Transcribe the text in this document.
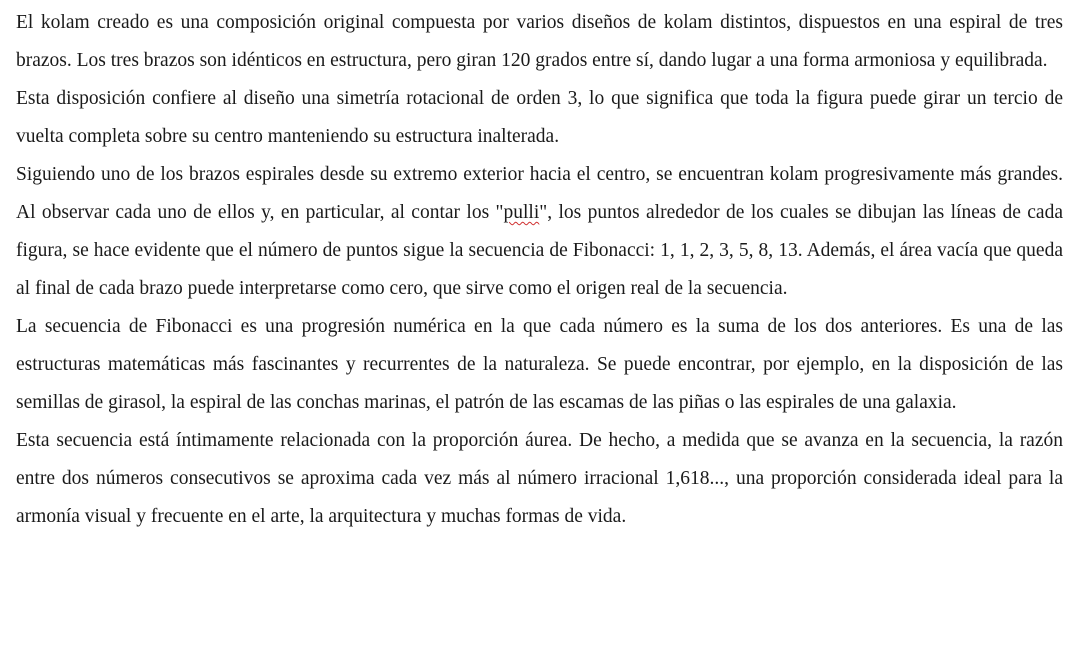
El kolam creado es una composición original compuesta por varios diseños de kolam distintos, dispuestos en una espiral de tres brazos. Los tres brazos son idénticos en estructura, pero giran 120 grados entre sí, dando lugar a una forma armoniosa y equilibrada.

Esta disposición confiere al diseño una simetría rotacional de orden 3, lo que significa que toda la figura puede girar un tercio de vuelta completa sobre su centro manteniendo su estructura inalterada.

Siguiendo uno de los brazos espirales desde su extremo exterior hacia el centro, se encuentran kolam progresivamente más grandes. Al observar cada uno de ellos y, en particular, al contar los "pulli", los puntos alrededor de los cuales se dibujan las líneas de cada figura, se hace evidente que el número de puntos sigue la secuencia de Fibonacci: 1, 1, 2, 3, 5, 8, 13. Además, el área vacía que queda al final de cada brazo puede interpretarse como cero, que sirve como el origen real de la secuencia.

La secuencia de Fibonacci es una progresión numérica en la que cada número es la suma de los dos anteriores. Es una de las estructuras matemáticas más fascinantes y recurrentes de la naturaleza. Se puede encontrar, por ejemplo, en la disposición de las semillas de girasol, la espiral de las conchas marinas, el patrón de las escamas de las piñas o las espirales de una galaxia.

Esta secuencia está íntimamente relacionada con la proporción áurea. De hecho, a medida que se avanza en la secuencia, la razón entre dos números consecutivos se aproxima cada vez más al número irracional 1,618..., una proporción considerada ideal para la armonía visual y frecuente en el arte, la arquitectura y muchas formas de vida.
